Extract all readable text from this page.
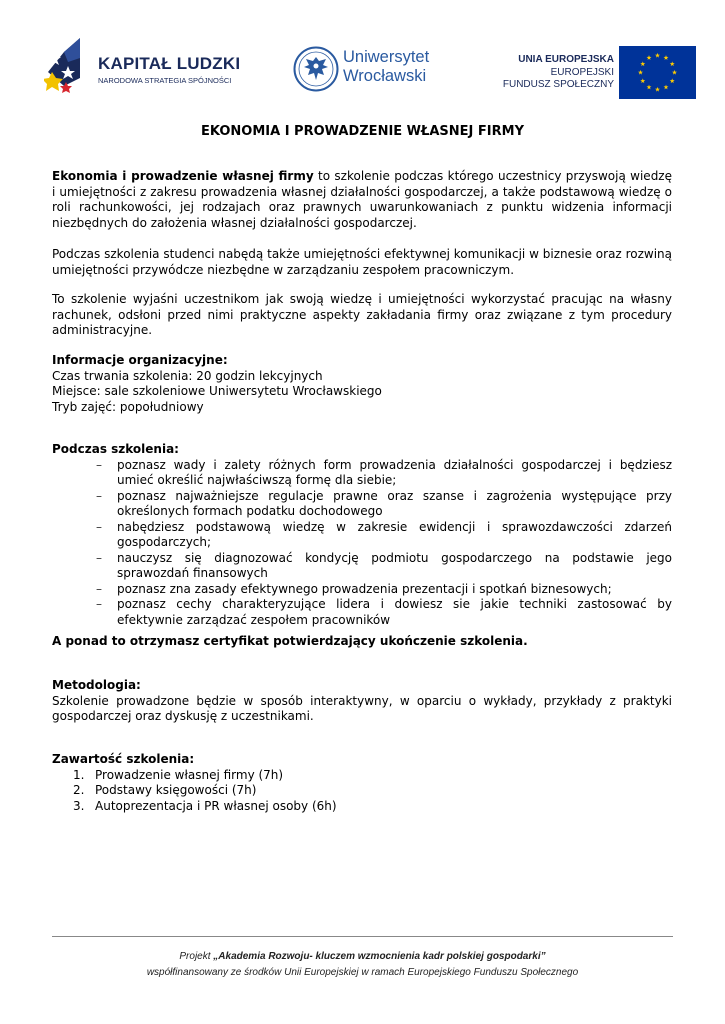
KAPITAŁ LUDZKI
NARODOWA STRATEGIA SPÓJNOŚCI
Uniwersytet
Wrocławski
UNIA EUROPEJSKA
EUROPEJSKI
FUNDUSZ SPOŁECZNY
EKONOMIA I PROWADZENIE WŁASNEJ FIRMY
Ekonomia i prowadzenie własnej firmy to szkolenie podczas którego uczestnicy przyswoją wiedzę i umiejętności z zakresu prowadzenia własnej działalności gospodarczej, a także podstawową wiedzę o roli rachunkowości, jej rodzajach oraz prawnych uwarunkowaniach z punktu widzenia informacji niezbędnych do założenia własnej działalności gospodarczej.
Podczas szkolenia studenci nabędą także umiejętności efektywnej komunikacji w biznesie oraz rozwiną umiejętności przywódcze niezbędne w zarządzaniu zespołem pracowniczym.
To szkolenie wyjaśni uczestnikom jak swoją wiedzę i umiejętności wykorzystać pracując na własny rachunek, odsłoni przed nimi praktyczne aspekty zakładania firmy oraz związane z tym procedury administracyjne.
Informacje organizacyjne:
Czas trwania szkolenia: 20 godzin lekcyjnych
Miejsce: sale szkoleniowe Uniwersytetu Wrocławskiego
Tryb zajęć: popołudniowy
Podczas szkolenia:
– poznasz wady i zalety różnych form prowadzenia działalności gospodarczej i będziesz umieć określić najwłaściwszą formę dla siebie;
– poznasz najważniejsze regulacje prawne oraz szanse i zagrożenia występujące przy określonych formach podatku dochodowego
– nabędziesz podstawową wiedzę w zakresie ewidencji i sprawozdawczości zdarzeń gospodarczych;
– nauczysz się diagnozować kondycję podmiotu gospodarczego na podstawie jego sprawozdań finansowych
– poznasz zna zasady efektywnego prowadzenia prezentacji i spotkań biznesowych;
– poznasz cechy charakteryzujące lidera i dowiesz sie jakie techniki zastosować by efektywnie zarządzać zespołem pracowników
A ponad to otrzymasz certyfikat potwierdzający ukończenie szkolenia.
Metodologia:
Szkolenie prowadzone będzie w sposób interaktywny, w oparciu o wykłady, przykłady z praktyki gospodarczej oraz dyskusję z uczestnikami.
Zawartość szkolenia:
1. Prowadzenie własnej firmy (7h)
2. Podstawy księgowości (7h)
3. Autoprezentacja i PR własnej osoby (6h)
Projekt „Akademia Rozwoju- kluczem wzmocnienia kadr polskiej gospodarki”
współfinansowany ze środków Unii Europejskiej w ramach Europejskiego Funduszu Społecznego
